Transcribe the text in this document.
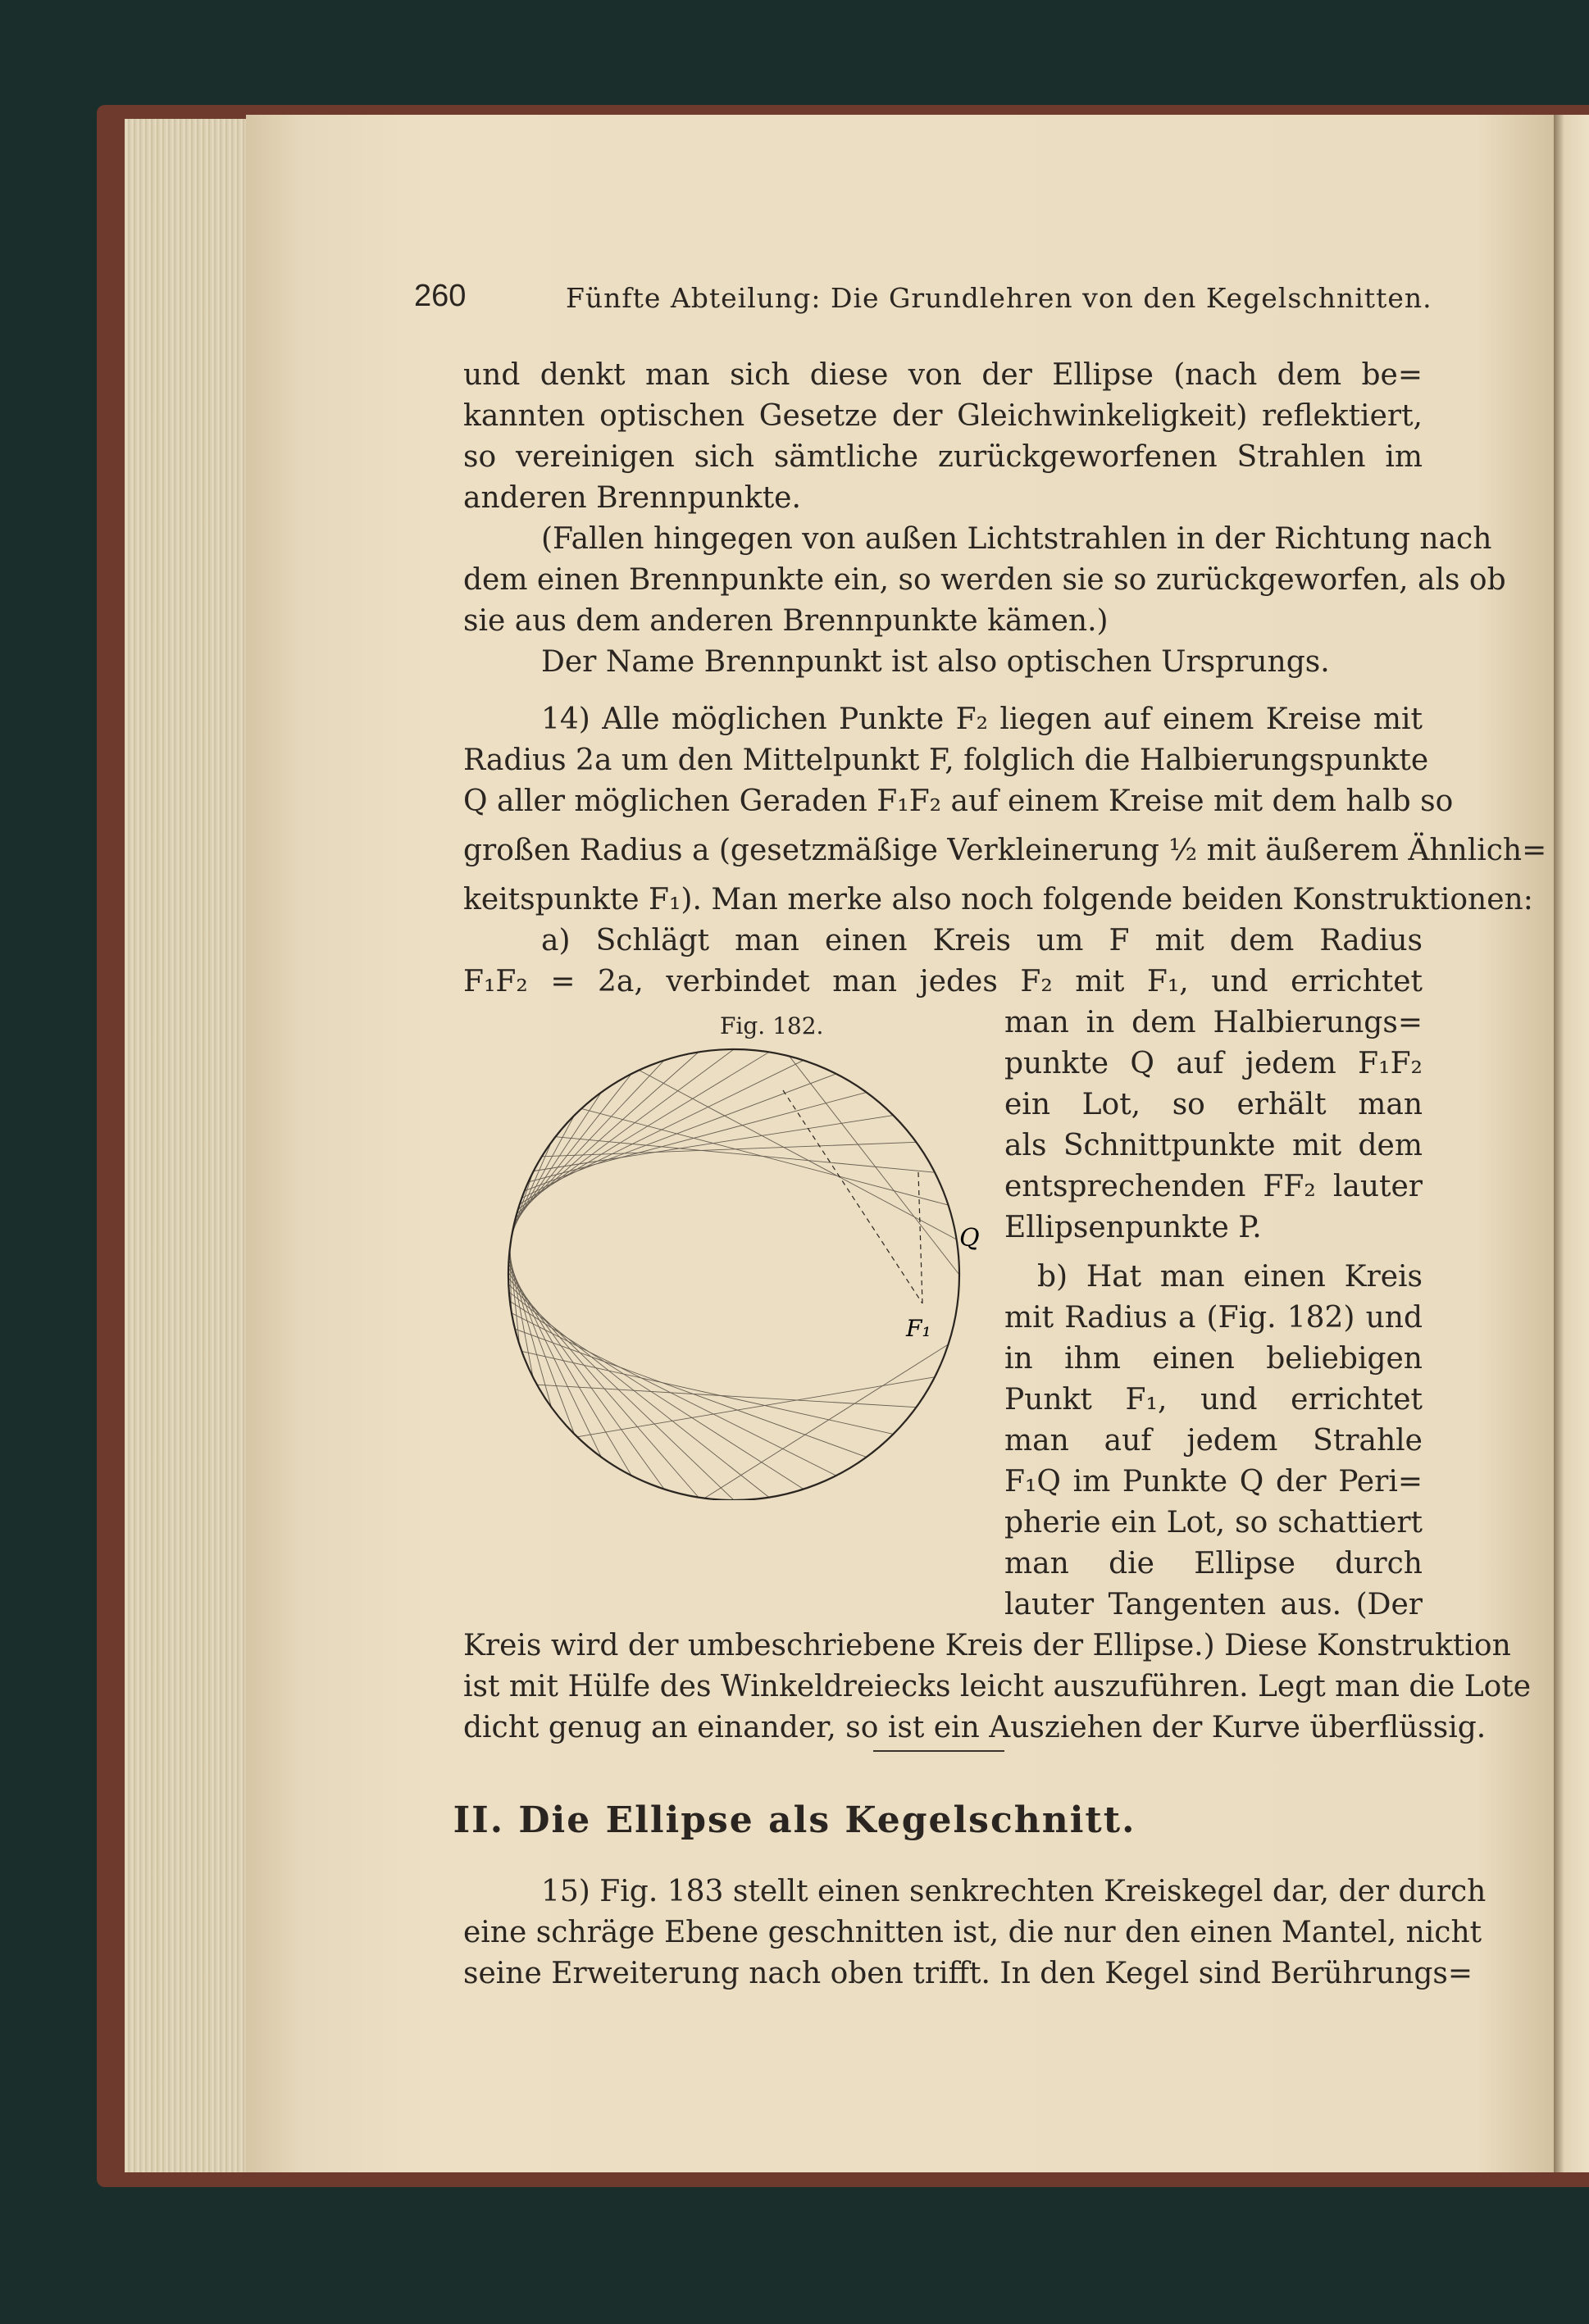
260	Fünfte Abteilung: Die Grundlehren von den Kegelschnitten.
und denkt man sich diese von der Ellipse (nach dem be=
kannten optischen Gesetze der Gleichwinkeligkeit) reflektiert,
so vereinigen sich sämtliche zurückgeworfenen Strahlen im
anderen Brennpunkte.
(Fallen hingegen von außen Lichtstrahlen in der Richtung nach
dem einen Brennpunkte ein, so werden sie so zurückgeworfen, als ob
sie aus dem anderen Brennpunkte kämen.)
Der Name Brennpunkt ist also optischen Ursprungs.
14) Alle möglichen Punkte F₂ liegen auf einem Kreise mit
Radius 2a um den Mittelpunkt F, folglich die Halbierungspunkte
Q aller möglichen Geraden F₁F₂ auf einem Kreise mit dem halb so
großen Radius a (gesetzmäßige Verkleinerung ½ mit äußerem Ähnlich=
keitspunkte F₁). Man merke also noch folgende beiden Konstruktionen:
a) Schlägt man einen Kreis um F mit dem Radius
F₁F₂ = 2a, verbindet man jedes F₂ mit F₁, und errichtet
man in dem Halbierungs=
punkte Q auf jedem F₁F₂
ein Lot, so erhält man
als Schnittpunkte mit dem
entsprechenden FF₂ lauter
Ellipsenpunkte P.
b) Hat man einen Kreis
mit Radius a (Fig. 182) und
in ihm einen beliebigen
Punkt F₁, und errichtet
man auf jedem Strahle
F₁Q im Punkte Q der Peri=
pherie ein Lot, so schattiert
man die Ellipse durch
lauter Tangenten aus. (Der
Kreis wird der umbeschriebene Kreis der Ellipse.) Diese Konstruktion
ist mit Hülfe des Winkeldreiecks leicht auszuführen. Legt man die Lote
dicht genug an einander, so ist ein Ausziehen der Kurve überflüssig.
Fig. 182.
Q
F₁
II. Die Ellipse als Kegelschnitt.
15) Fig. 183 stellt einen senkrechten Kreiskegel dar, der durch
eine schräge Ebene geschnitten ist, die nur den einen Mantel, nicht
seine Erweiterung nach oben trifft. In den Kegel sind Berührungs=
